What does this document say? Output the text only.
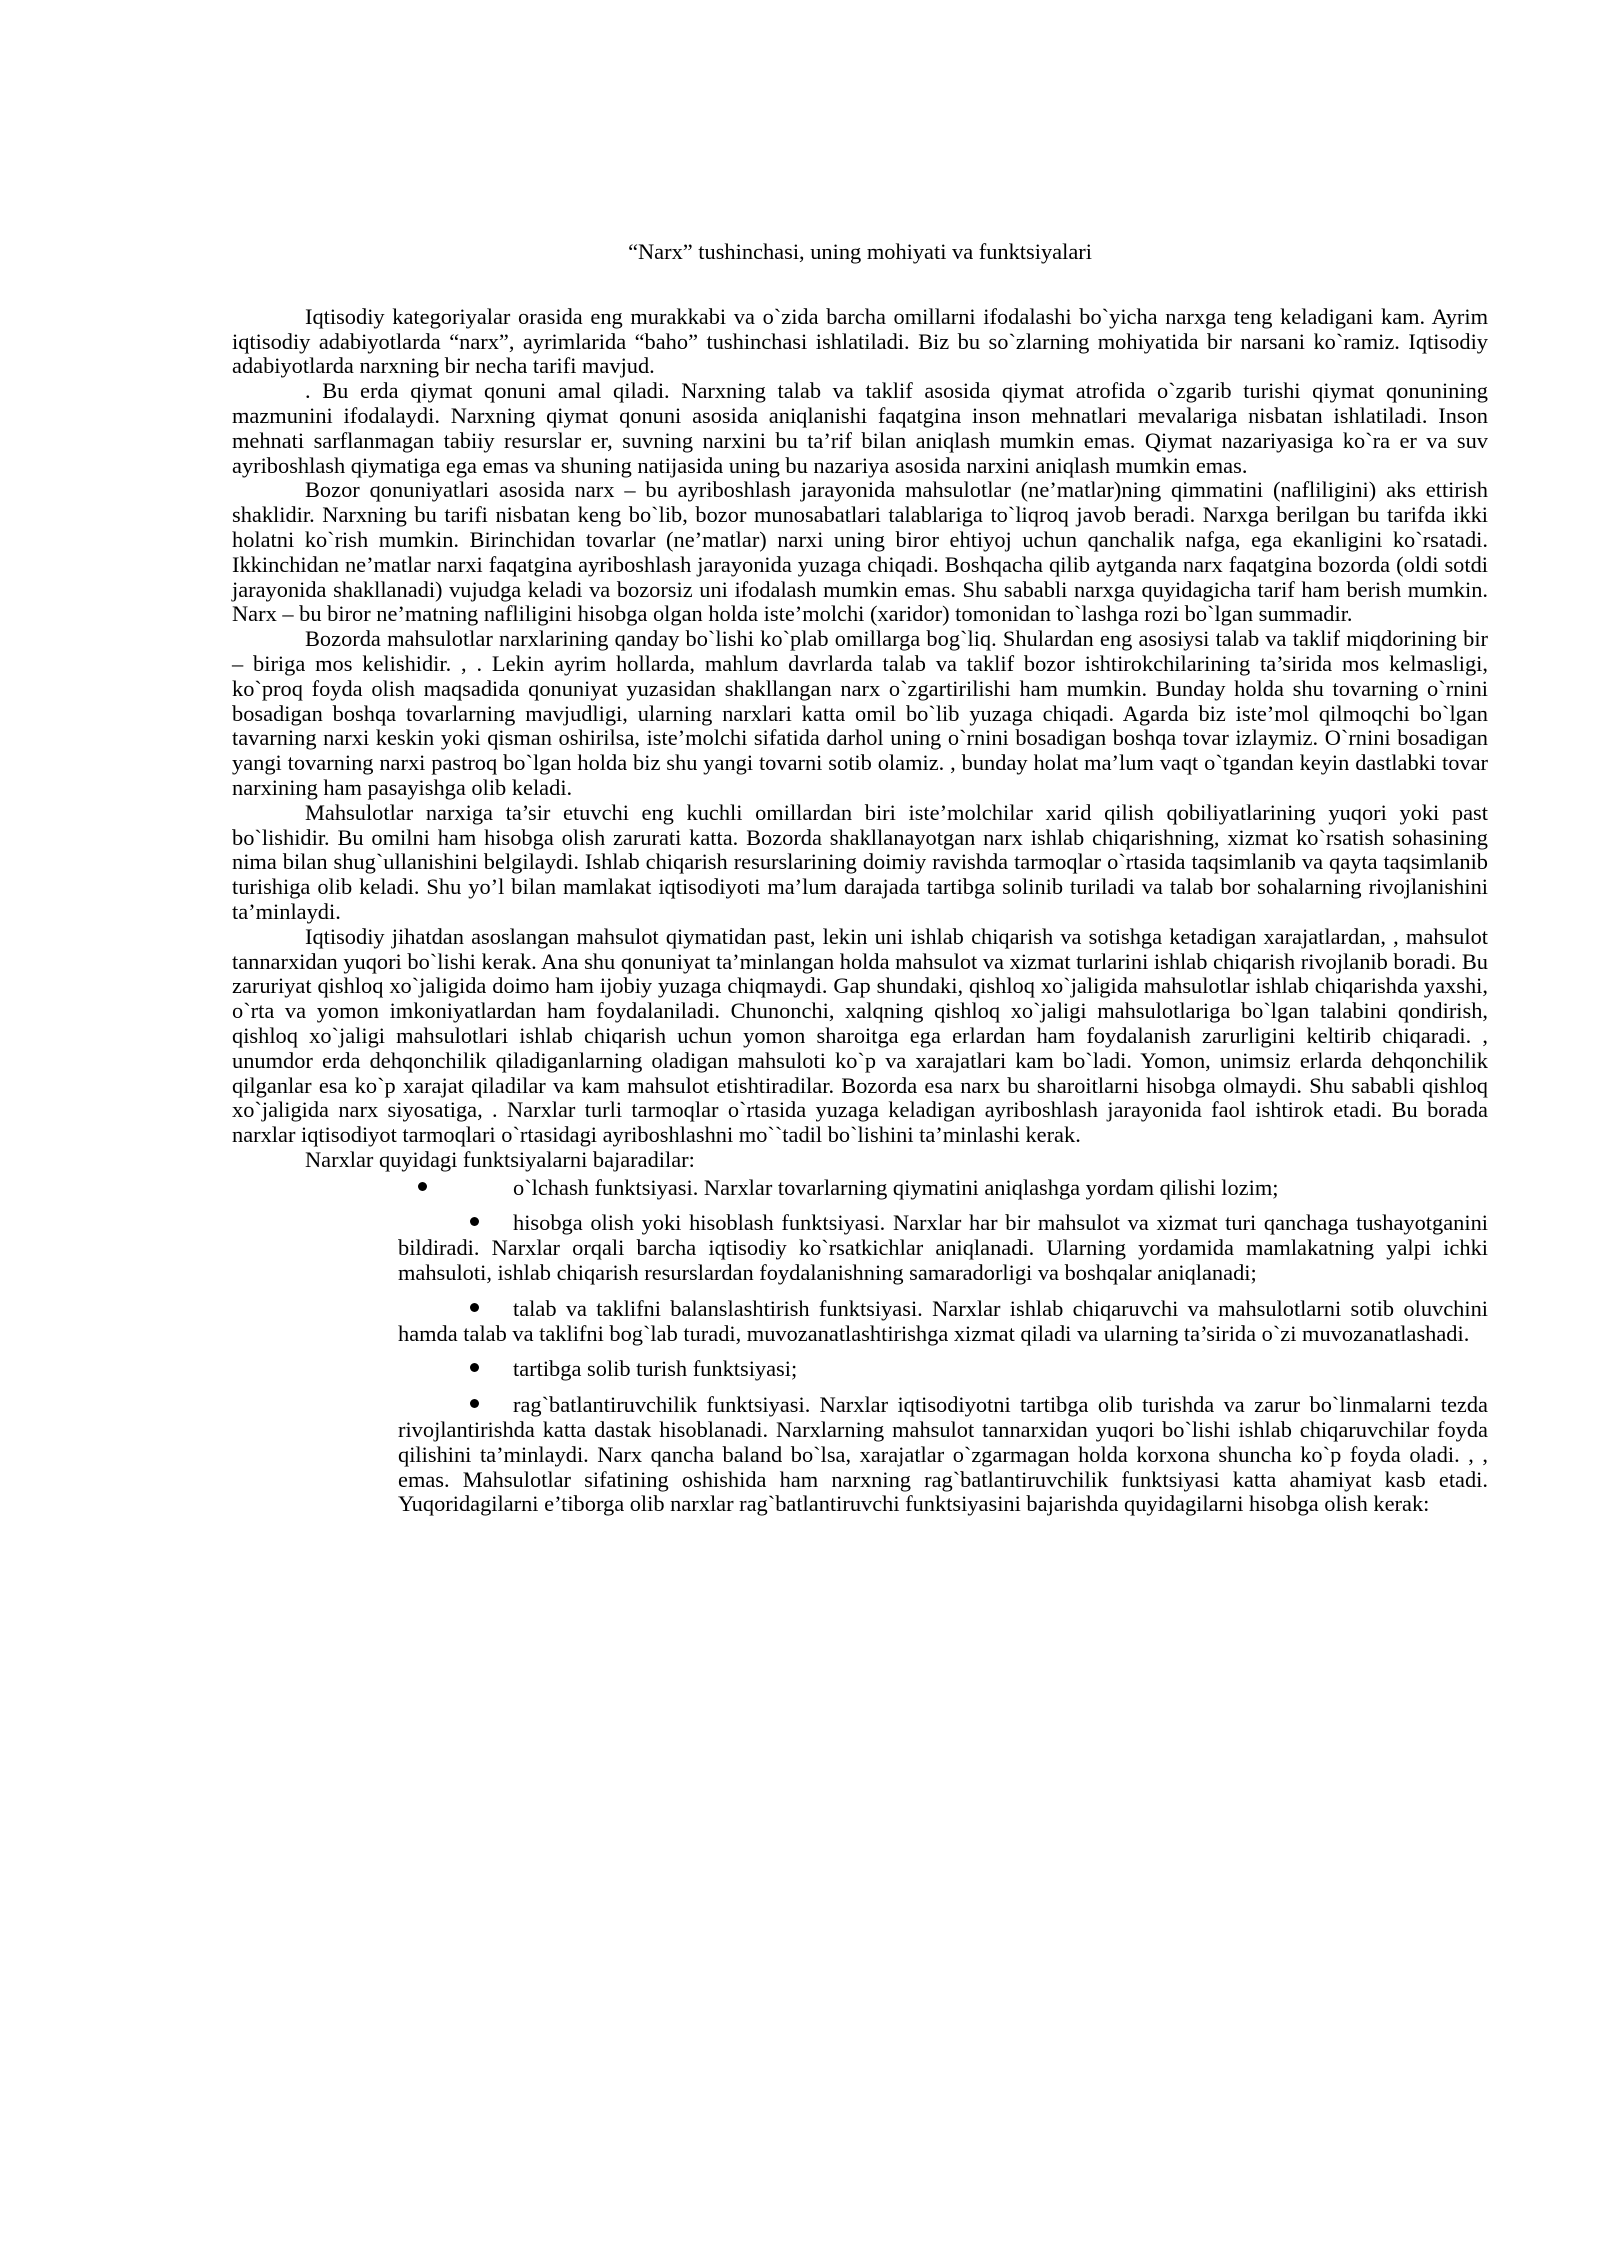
“Narx” tushinchasi, uning mohiyati va funktsiyalari

Iqtisodiy kategoriyalar orasida eng murakkabi va o`zida barcha omillarni ifodalashi bo`yicha narxga teng keladigani kam. Ayrim iqtisodiy adabiyotlarda “narx”, ayrimlarida “baho” tushinchasi ishlatiladi. Biz bu so`zlarning mohiyatida bir narsani ko`ramiz. Iqtisodiy adabiyotlarda narxning bir necha tarifi mavjud.

. Bu erda qiymat qonuni amal qiladi. Narxning talab va taklif asosida qiymat atrofida o`zgarib turishi qiymat qonunining mazmunini ifodalaydi. Narxning qiymat qonuni asosida aniqlanishi faqatgina inson mehnatlari mevalariga nisbatan ishlatiladi. Inson mehnati sarflanmagan tabiiy resurslar er, suvning narxini bu ta’rif bilan aniqlash mumkin emas. Qiymat nazariyasiga ko`ra er va suv ayriboshlash qiymatiga ega emas va shuning natijasida uning bu nazariya asosida narxini aniqlash mumkin emas.

Bozor qonuniyatlari asosida narx – bu ayriboshlash jarayonida mahsulotlar (ne’matlar)ning qimmatini (nafliligini) aks ettirish shaklidir. Narxning bu tarifi nisbatan keng bo`lib, bozor munosabatlari talablariga to`liqroq javob beradi. Narxga berilgan bu tarifda ikki holatni ko`rish mumkin. Birinchidan tovarlar (ne’matlar) narxi uning biror ehtiyoj uchun qanchalik nafga, ega ekanligini ko`rsatadi. Ikkinchidan ne’matlar narxi faqatgina ayriboshlash jarayonida yuzaga chiqadi. Boshqacha qilib aytganda narx faqatgina bozorda (oldi sotdi jarayonida shakllanadi) vujudga keladi va bozorsiz uni ifodalash mumkin emas. Shu sababli narxga quyidagicha tarif ham berish mumkin. Narx – bu biror ne’matning nafliligini hisobga olgan holda iste’molchi (xaridor) tomonidan to`lashga rozi bo`lgan summadir.

Bozorda mahsulotlar narxlarining qanday bo`lishi ko`plab omillarga bog`liq. Shulardan eng asosiysi talab va taklif miqdorining bir – biriga mos kelishidir. , . Lekin ayrim hollarda, mahlum davrlarda talab va taklif bozor ishtirokchilarining ta’sirida mos kelmasligi, ko`proq foyda olish maqsadida qonuniyat yuzasidan shakllangan narx o`zgartirilishi ham mumkin. Bunday holda shu tovarning o`rnini bosadigan boshqa tovarlarning mavjudligi, ularning narxlari katta omil bo`lib yuzaga chiqadi. Agarda biz iste’mol qilmoqchi bo`lgan tavarning narxi keskin yoki qisman oshirilsa, iste’molchi sifatida darhol uning o`rnini bosadigan boshqa tovar izlaymiz. O`rnini bosadigan yangi tovarning narxi pastroq bo`lgan holda biz shu yangi tovarni sotib olamiz. , bunday holat ma’lum vaqt o`tgandan keyin dastlabki tovar narxining ham pasayishga olib keladi.

Mahsulotlar narxiga ta’sir etuvchi eng kuchli omillardan biri iste’molchilar xarid qilish qobiliyatlarining yuqori yoki past bo`lishidir. Bu omilni ham hisobga olish zarurati katta. Bozorda shakllanayotgan narx ishlab chiqarishning, xizmat ko`rsatish sohasining nima bilan shug`ullanishini belgilaydi. Ishlab chiqarish resurslarining doimiy ravishda tarmoqlar o`rtasida taqsimlanib va qayta taqsimlanib turishiga olib keladi. Shu yo’l bilan mamlakat iqtisodiyoti ma’lum darajada tartibga solinib turiladi va talab bor sohalarning rivojlanishini ta’minlaydi.

Iqtisodiy jihatdan asoslangan mahsulot qiymatidan past, lekin uni ishlab chiqarish va sotishga ketadigan xarajatlardan, , mahsulot tannarxidan yuqori bo`lishi kerak. Ana shu qonuniyat ta’minlangan holda mahsulot va xizmat turlarini ishlab chiqarish rivojlanib boradi. Bu zaruriyat qishloq xo`jaligida doimo ham ijobiy yuzaga chiqmaydi. Gap shundaki, qishloq xo`jaligida mahsulotlar ishlab chiqarishda yaxshi, o`rta va yomon imkoniyatlardan ham foydalaniladi. Chunonchi, xalqning qishloq xo`jaligi mahsulotlariga bo`lgan talabini qondirish, qishloq xo`jaligi mahsulotlari ishlab chiqarish uchun yomon sharoitga ega erlardan ham foydalanish zarurligini keltirib chiqaradi. , unumdor erda dehqonchilik qiladiganlarning oladigan mahsuloti ko`p va xarajatlari kam bo`ladi. Yomon, unimsiz erlarda dehqonchilik qilganlar esa ko`p xarajat qiladilar va kam mahsulot etishtiradilar. Bozorda esa narx bu sharoitlarni hisobga olmaydi. Shu sababli qishloq xo`jaligida narx siyosatiga, . Narxlar turli tarmoqlar o`rtasida yuzaga keladigan ayriboshlash jarayonida faol ishtirok etadi. Bu borada narxlar iqtisodiyot tarmoqlari o`rtasidagi ayriboshlashni mo``tadil bo`lishini ta’minlashi kerak.

Narxlar quyidagi funktsiyalarni bajaradilar:

o`lchash funktsiyasi. Narxlar tovarlarning qiymatini aniqlashga yordam qilishi lozim;
hisobga olish yoki hisoblash funktsiyasi. Narxlar har bir mahsulot va xizmat turi qanchaga tushayotganini bildiradi. Narxlar orqali barcha iqtisodiy ko`rsatkichlar aniqlanadi. Ularning yordamida mamlakatning yalpi ichki mahsuloti, ishlab chiqarish resurslardan foydalanishning samaradorligi va boshqalar aniqlanadi;
talab va taklifni balanslashtirish funktsiyasi. Narxlar ishlab chiqaruvchi va mahsulotlarni sotib oluvchini hamda talab va taklifni bog`lab turadi, muvozanatlashtirishga xizmat qiladi va ularning ta’sirida o`zi muvozanatlashadi.
tartibga solib turish funktsiyasi;
rag`batlantiruvchilik funktsiyasi. Narxlar iqtisodiyotni tartibga olib turishda va zarur bo`linmalarni tezda rivojlantirishda katta dastak hisoblanadi. Narxlarning mahsulot tannarxidan yuqori bo`lishi ishlab chiqaruvchilar foyda qilishini ta’minlaydi. Narx qancha baland bo`lsa, xarajatlar o`zgarmagan holda korxona shuncha ko`p foyda oladi. , , emas. Mahsulotlar sifatining oshishida ham narxning rag`batlantiruvchilik funktsiyasi katta ahamiyat kasb etadi. Yuqoridagilarni e’tiborga olib narxlar rag`batlantiruvchi funktsiyasini bajarishda quyidagilarni hisobga olish kerak:
